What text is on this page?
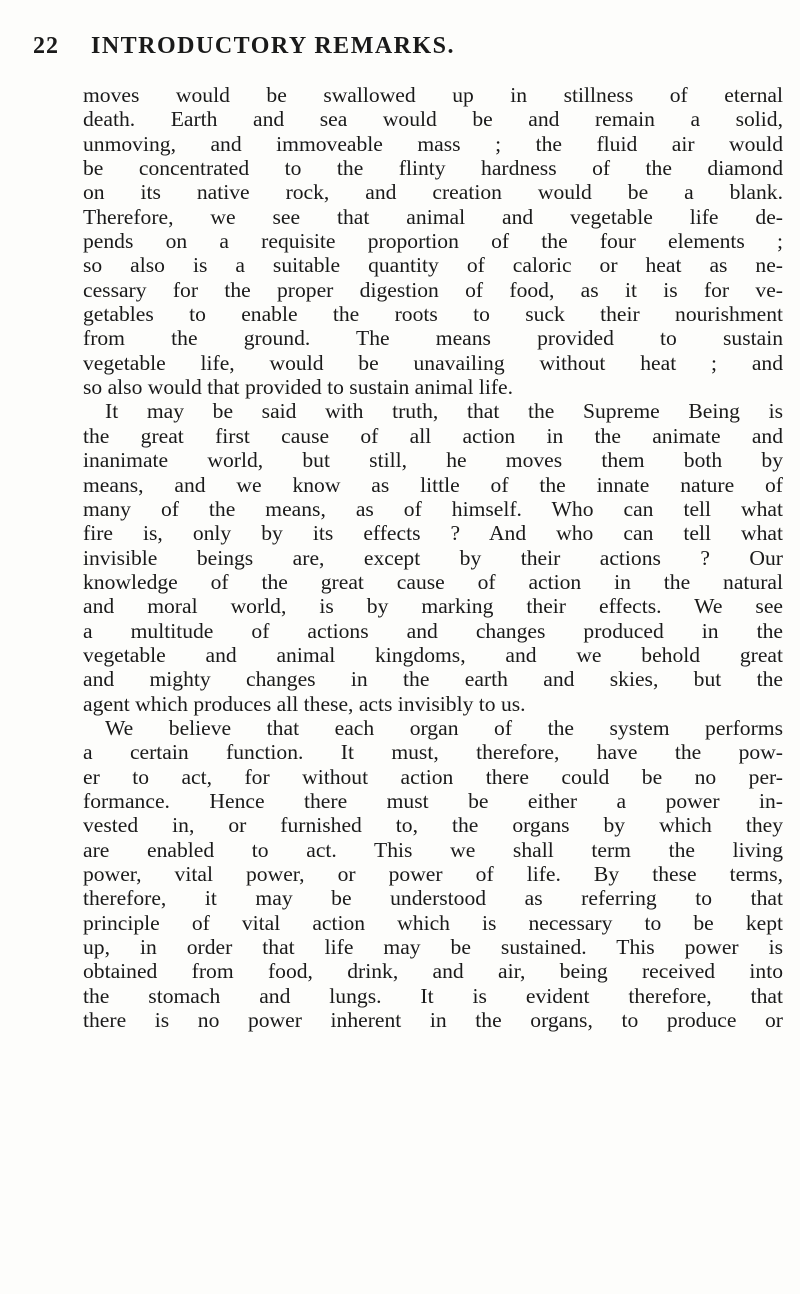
22 INTRODUCTORY REMARKS.
moves would be swallowed up in stillness of eternal
death. Earth and sea would be and remain a solid,
unmoving, and immoveable mass ; the fluid air would
be concentrated to the flinty hardness of the diamond
on its native rock, and creation would be a blank.
Therefore, we see that animal and vegetable life de-
pends on a requisite proportion of the four elements ;
so also is a suitable quantity of caloric or heat as ne-
cessary for the proper digestion of food, as it is for ve-
getables to enable the roots to suck their nourishment
from the ground. The means provided to sustain
vegetable life, would be unavailing without heat ; and
so also would that provided to sustain animal life.
It may be said with truth, that the Supreme Being is
the great first cause of all action in the animate and
inanimate world, but still, he moves them both by
means, and we know as little of the innate nature of
many of the means, as of himself. Who can tell what
fire is, only by its effects ? And who can tell what
invisible beings are, except by their actions ? Our
knowledge of the great cause of action in the natural
and moral world, is by marking their effects. We see
a multitude of actions and changes produced in the
vegetable and animal kingdoms, and we behold great
and mighty changes in the earth and skies, but the
agent which produces all these, acts invisibly to us.
We believe that each organ of the system performs
a certain function. It must, therefore, have the pow-
er to act, for without action there could be no per-
formance. Hence there must be either a power in-
vested in, or furnished to, the organs by which they
are enabled to act. This we shall term the living
power, vital power, or power of life. By these terms,
therefore, it may be understood as referring to that
principle of vital action which is necessary to be kept
up, in order that life may be sustained. This power is
obtained from food, drink, and air, being received into
the stomach and lungs. It is evident therefore, that
there is no power inherent in the organs, to produce or
